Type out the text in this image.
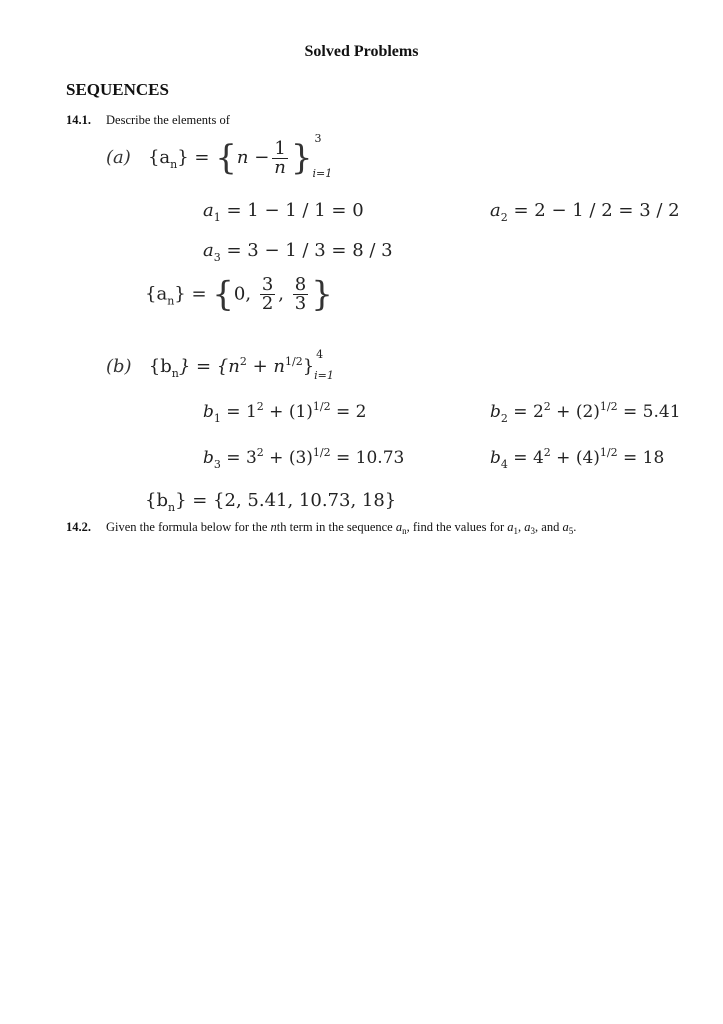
Solved Problems
SEQUENCES
14.1. Describe the elements of
(a) $\{a_n\} = \{n - \frac{1}{n}$ } 3
i=1
$a_1 = 1 - 1 / 1 = 0$	$a_2 = 2 - 1 / 2 = 3 / 2$
$a_3 = 3 - 1 / 3 = 8 / 3$
$\{a_n\} = \{0$, $\frac{3}{2}$ , $\frac{8}{3}$ }
(b) $\{b_n\} = \{n^2 + n^{1/2}\}$
4
i=1
$b_1 = 1^2 + (1)^{1/2} = 2$	$b_2 = 2^2 + (2)^{1/2} = 5.41$
$b_3 = 3^2 + (3)^{1/2} = 10.73$	$b_4 = 4^2 + (4)^{1/2} = 18$
$\{b_n\} = \{2$, 5.41, 10.73, 18}
14.2. Given the formula below for the nth term in the sequence $a_n$, find the values for $a_1$, $a_3$, and $a_5$.
